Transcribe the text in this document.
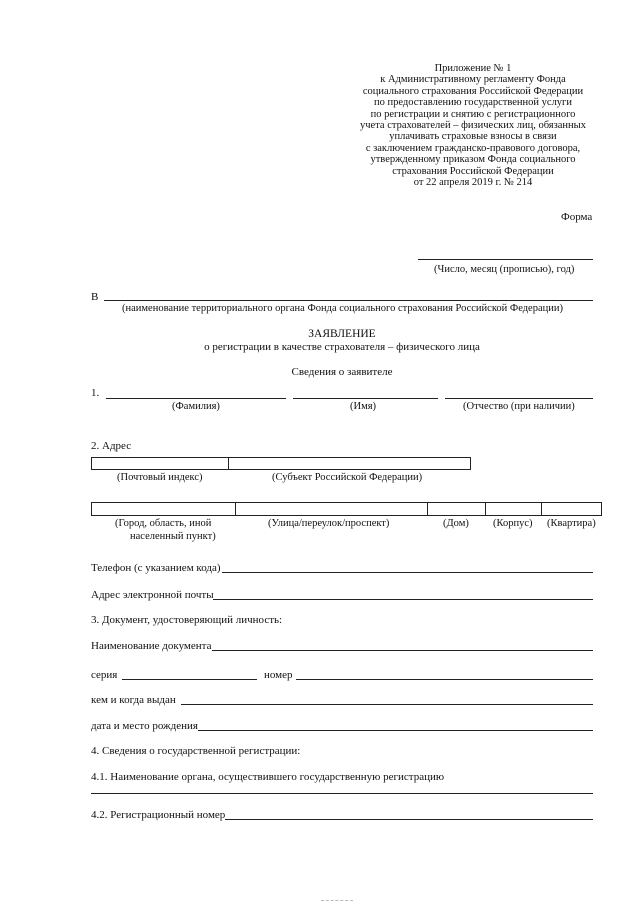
Приложение № 1
к Административному регламенту Фонда
социального страхования Российской Федерации
по предоставлению государственной услуги
по регистрации и снятию с регистрационного
учета страхователей – физических лиц, обязанных
уплачивать страховые взносы в связи
с заключением гражданско-правового договора,
утвержденному приказом Фонда социального
страхования Российской Федерации
от 22 апреля 2019 г. № 214
Форма
(Число, месяц (прописью), год)
В
(наименование территориального органа Фонда социального страхования Российской Федерации)
ЗАЯВЛЕНИЕ
о регистрации в качестве страхователя – физического лица
Сведения о заявителе
1.
(Фамилия)	(Имя)	(Отчество (при наличии)
2. Адрес
(Почтовый индекс)	(Субъект Российской Федерации)
(Город, область, иной
населенный пункт)
(Улица/переулок/проспект)	(Дом) (Корпус) (Квартира)
Телефон (с указанием кода)
Адрес электронной почты
3. Документ, удостоверяющий личность:
Наименование документа
серия	номер
кем и когда выдан
дата и место рождения
4. Сведения о государственной регистрации:
4.1. Наименование органа, осуществившего государственную регистрацию
4.2. Регистрационный номер
